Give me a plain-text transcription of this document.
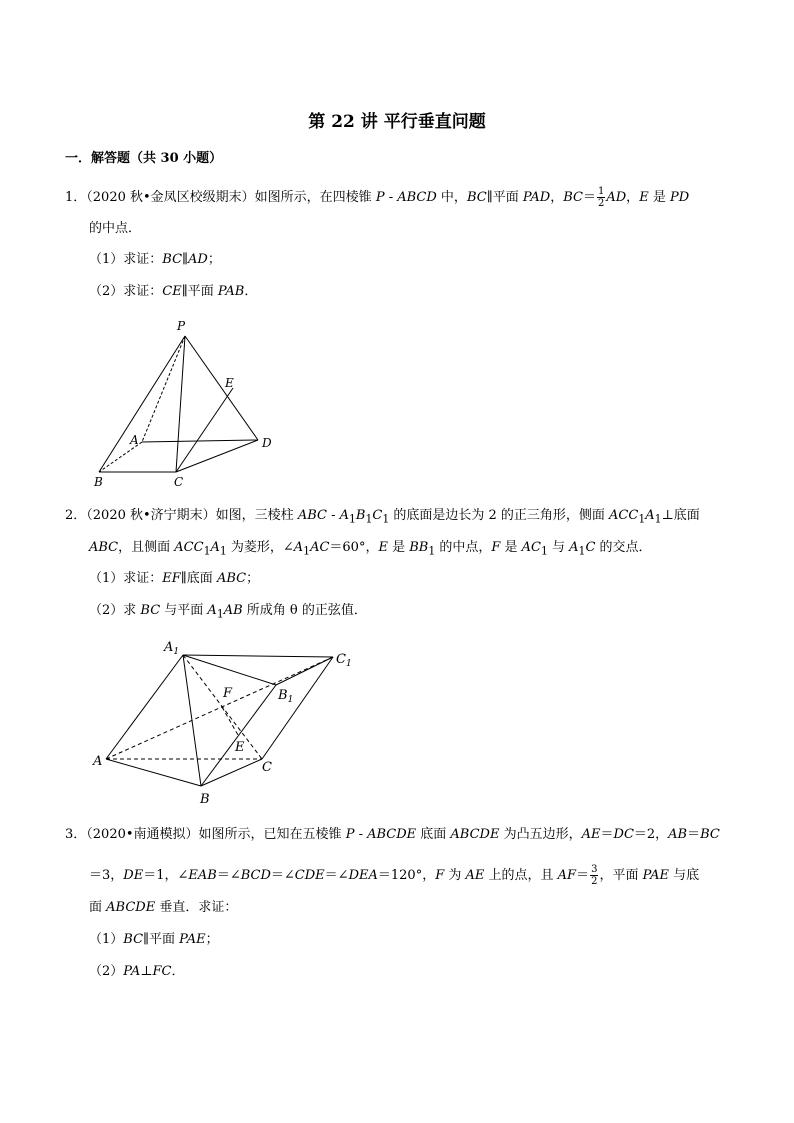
第 22 讲 平行垂直问题
一．解答题（共 30 小题）
1．（2020 秋•金凤区校级期末）如图所示，在四棱锥 P - ABCD 中，BC∥平面 PAD，$BC= \frac{1}{2}$ AD，E 是 PD
的中点．
（1）求证：BC∥AD；
（2）求证：CE∥平面 PAB．
P
E
A	D
B	C
2．（2020 秋•济宁期末）如图，三棱柱 ABC - $A_1B_1C_1$ 的底面是边长为 2 的正三角形，侧面 $ACC_1A_1\perp$底面
ABC，且侧面 $ACC_1A_1$ 为菱形，$\angle A_1AC=60^\circ$，E 是 $BB_1$ 的中点，F 是 $AC_1$ 与 $A_1C$ 的交点．
（1）求证：EF∥底面 ABC；
（2）求 BC 与平面 $A_1AB$ 所成角 θ 的正弦值．
$A_1$	$C_1$
F	$B_1$
E
A	C
B
3．（2020•南通模拟）如图所示，已知在五棱锥 P - ABCDE 底面 ABCDE 为凸五边形，AE＝DC＝2，AB＝BC
＝3，DE＝1，∠EAB＝∠BCD＝∠CDE＝∠DEA＝120°，F 为 AE 上的点，且 $AF= \frac{3}{2}$ ，平面 PAE 与底
面 ABCDE 垂直．求证：
（1）BC∥平面 PAE；
（2）PA⊥FC．
